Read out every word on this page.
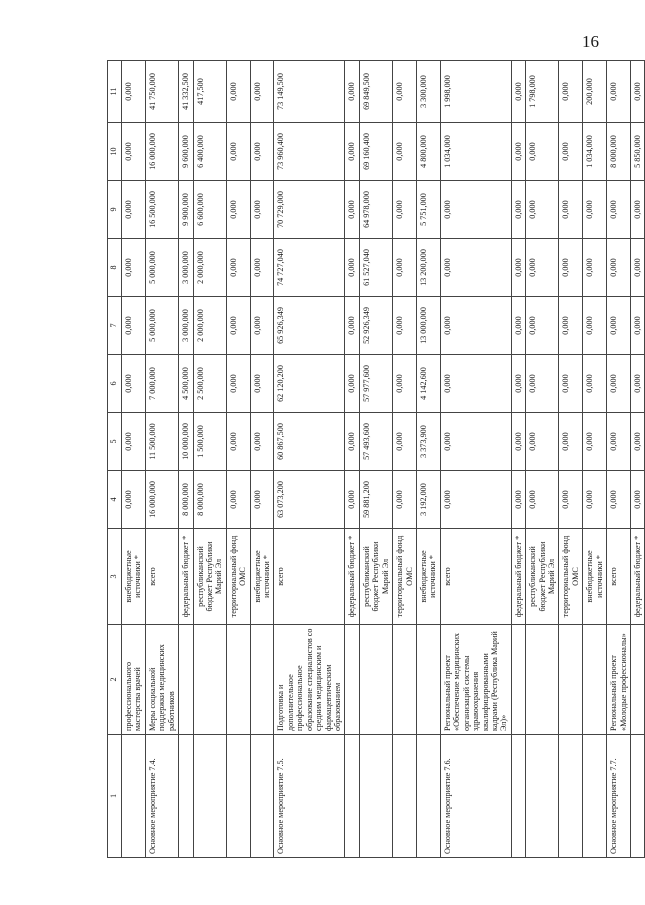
16
1	2	3	4	5	6	7	8	9	10	11
	профессионального мастерства врачей	внебюджетные источники *	0,000	0,000	0,000	0,000	0,000	0,000	0,000	0,000
Основное мероприятие 7.4.	Меры социальной поддержки медицинских работников	всего	16 000,000	11 500,000	7 000,000	5 000,000	5 000,000	16 500,000	16 000,000	41 750,000
		федеральный бюджет *	8 000,000	10 000,000	4 500,000	3 000,000	3 000,000	9 900,000	9 600,000	41 332,500
		республиканский бюджет Республики Марий Эл	8 000,000	1 500,000	2 500,000	2 000,000	2 000,000	6 600,000	6 400,000	417,500
		территориальный фонд ОМС	0,000	0,000	0,000	0,000	0,000	0,000	0,000	0,000
		внебюджетные источники *	0,000	0,000	0,000	0,000	0,000	0,000	0,000	0,000
Основное мероприятие 7.5.	Подготовка и дополнительное профессиональное образование специалистов со средним медицинским и фармацевтическим образованием	всего	63 073,200	60 867,500	62 120,200	65 926,349	74 727,040	70 729,000	73 960,400	73 149,500
		федеральный бюджет *	0,000	0,000	0,000	0,000	0,000	0,000	0,000	0,000
		республиканский бюджет Республики Марий Эл	59 881,200	57 493,600	57 977,600	52 926,349	61 527,040	64 978,000	69 160,400	69 849,500
		территориальный фонд ОМС	0,000	0,000	0,000	0,000	0,000	0,000	0,000	0,000
		внебюджетные источники *	3 192,000	3 373,900	4 142,600	13 000,000	13 200,000	5 751,000	4 800,000	3 300,000
Основное мероприятие 7.6.	Региональный проект «Обеспечение медицинских организаций системы здравоохранения квалифицированными кадрами (Республика Марий Эл)»	всего	0,000	0,000	0,000	0,000	0,000	0,000	1 034,000	1 998,000
		федеральный бюджет *	0,000	0,000	0,000	0,000	0,000	0,000	0,000	0,000
		республиканский бюджет Республики Марий Эл	0,000	0,000	0,000	0,000	0,000	0,000	0,000	1 798,000
		территориальный фонд ОМС	0,000	0,000	0,000	0,000	0,000	0,000	0,000	0,000
		внебюджетные источники *	0,000	0,000	0,000	0,000	0,000	0,000	1 034,000	200,000
Основное мероприятие 7.7.	Региональный проект «Молодые профессионалы»	всего	0,000	0,000	0,000	0,000	0,000	0,000	8 000,000	0,000
		федеральный бюджет *	0,000	0,000	0,000	0,000	0,000	0,000	5 850,000	0,000
